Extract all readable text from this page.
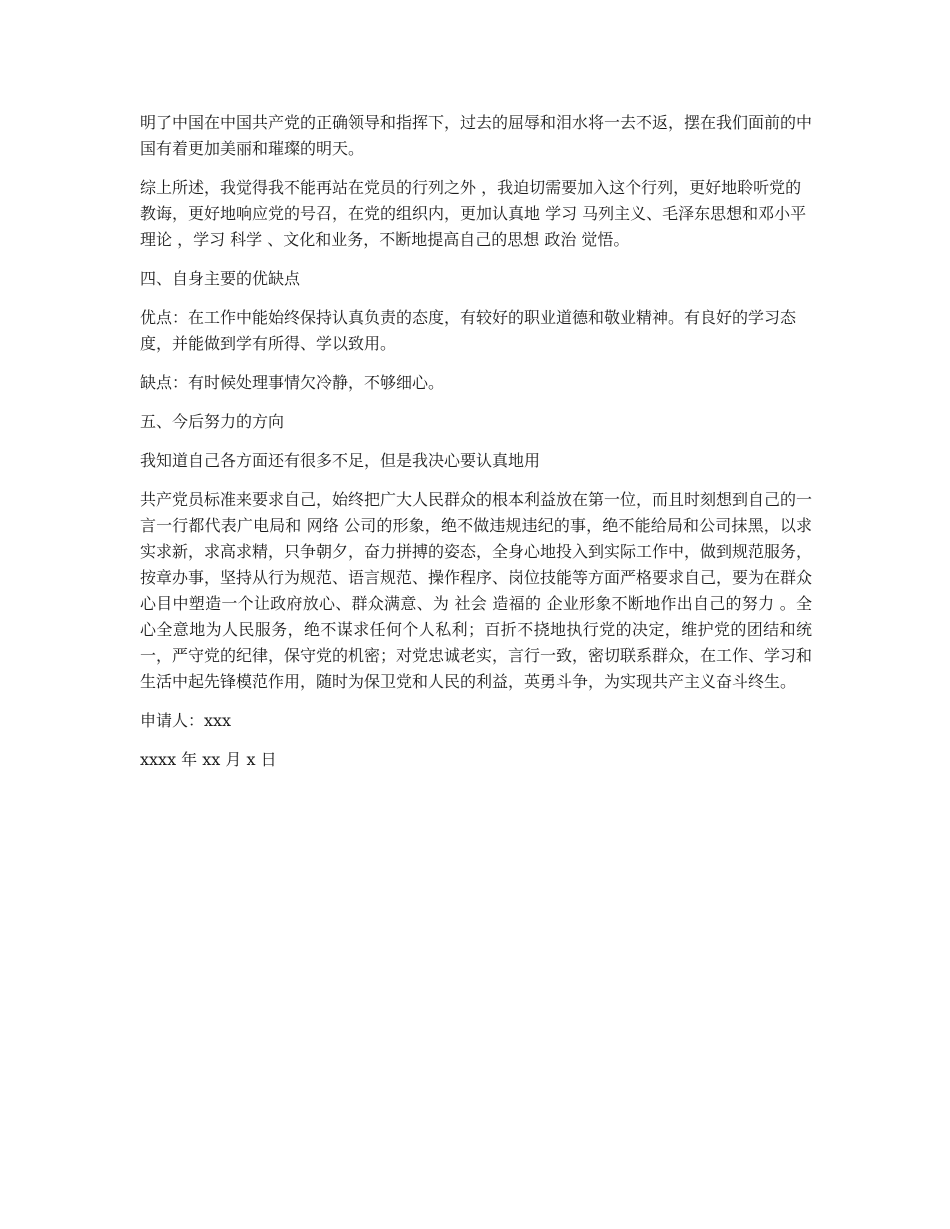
明了中国在中国共产党的正确领导和指挥下，过去的屈辱和泪水将一去不返，摆在我们面前的中国有着更加美丽和璀璨的明天。

综上所述，我觉得我不能再站在党员的行列之外 ，我迫切需要加入这个行列，更好地聆听党的教诲，更好地响应党的号召，在党的组织内，更加认真地 学习 马列主义、毛泽东思想和邓小平 理论 ，学习 科学 、文化和业务，不断地提高自己的思想 政治 觉悟。

四、自身主要的优缺点

优点：在工作中能始终保持认真负责的态度，有较好的职业道德和敬业精神。有良好的学习态度，并能做到学有所得、学以致用。

缺点：有时候处理事情欠冷静，不够细心。

五、今后努力的方向

我知道自己各方面还有很多不足，但是我决心要认真地用

共产党员标准来要求自己，始终把广大人民群众的根本利益放在第一位，而且时刻想到自己的一言一行都代表广电局和 网络 公司的形象，绝不做违规违纪的事，绝不能给局和公司抹黑，以求实求新，求高求精，只争朝夕，奋力拼搏的姿态，全身心地投入到实际工作中，做到规范服务，按章办事，坚持从行为规范、语言规范、操作程序、岗位技能等方面严格要求自己，要为在群众心目中塑造一个让政府放心、群众满意、为 社会 造福的 企业形象不断地作出自己的努力 。全心全意地为人民服务，绝不谋求任何个人私利；百折不挠地执行党的决定，维护党的团结和统一，严守党的纪律，保守党的机密；对党忠诚老实，言行一致，密切联系群众，在工作、学习和生活中起先锋模范作用，随时为保卫党和人民的利益，英勇斗争，为实现共产主义奋斗终生。

申请人：xxx

xxxx 年 xx 月 x 日
